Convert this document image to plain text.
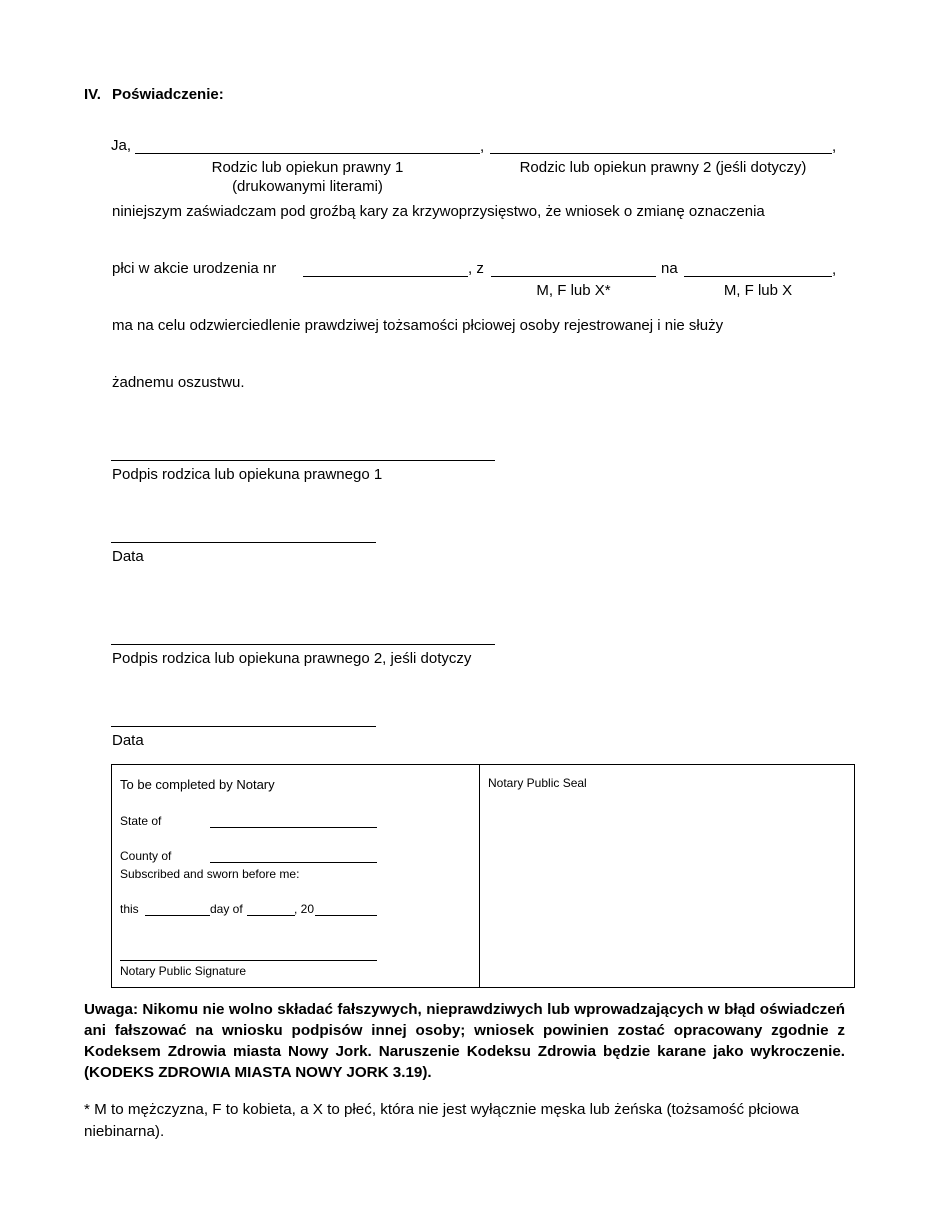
IV. Poświadczenie:
Ja,	,	,
Rodzic lub opiekun prawny 1
(drukowanymi literami)
Rodzic lub opiekun prawny 2 (jeśli dotyczy)
niniejszym zaświadczam pod groźbą kary za krzywoprzysięstwo, że wniosek o zmianę oznaczenia
płci w akcie urodzenia nr	, z	na	,
M, F lub X*	M, F lub X
ma na celu odzwierciedlenie prawdziwej tożsamości płciowej osoby rejestrowanej i nie służy
żadnemu oszustwu.
Podpis rodzica lub opiekuna prawnego 1
Data
Podpis rodzica lub opiekuna prawnego 2, jeśli dotyczy
Data
To be completed by Notary
State of
County of
Subscribed and sworn before me:
this	day of	, 20
Notary Public Signature
Notary Public Seal
Uwaga: Nikomu nie wolno składać fałszywych, nieprawdziwych lub wprowadzających w błąd oświadczeń ani fałszować na wniosku podpisów innej osoby; wniosek powinien zostać opracowany zgodnie z Kodeksem Zdrowia miasta Nowy Jork. Naruszenie Kodeksu Zdrowia będzie karane jako wykroczenie. (KODEKS ZDROWIA MIASTA NOWY JORK 3.19).
* M to mężczyzna, F to kobieta, a X to płeć, która nie jest wyłącznie męska lub żeńska (tożsamość płciowa niebinarna).
